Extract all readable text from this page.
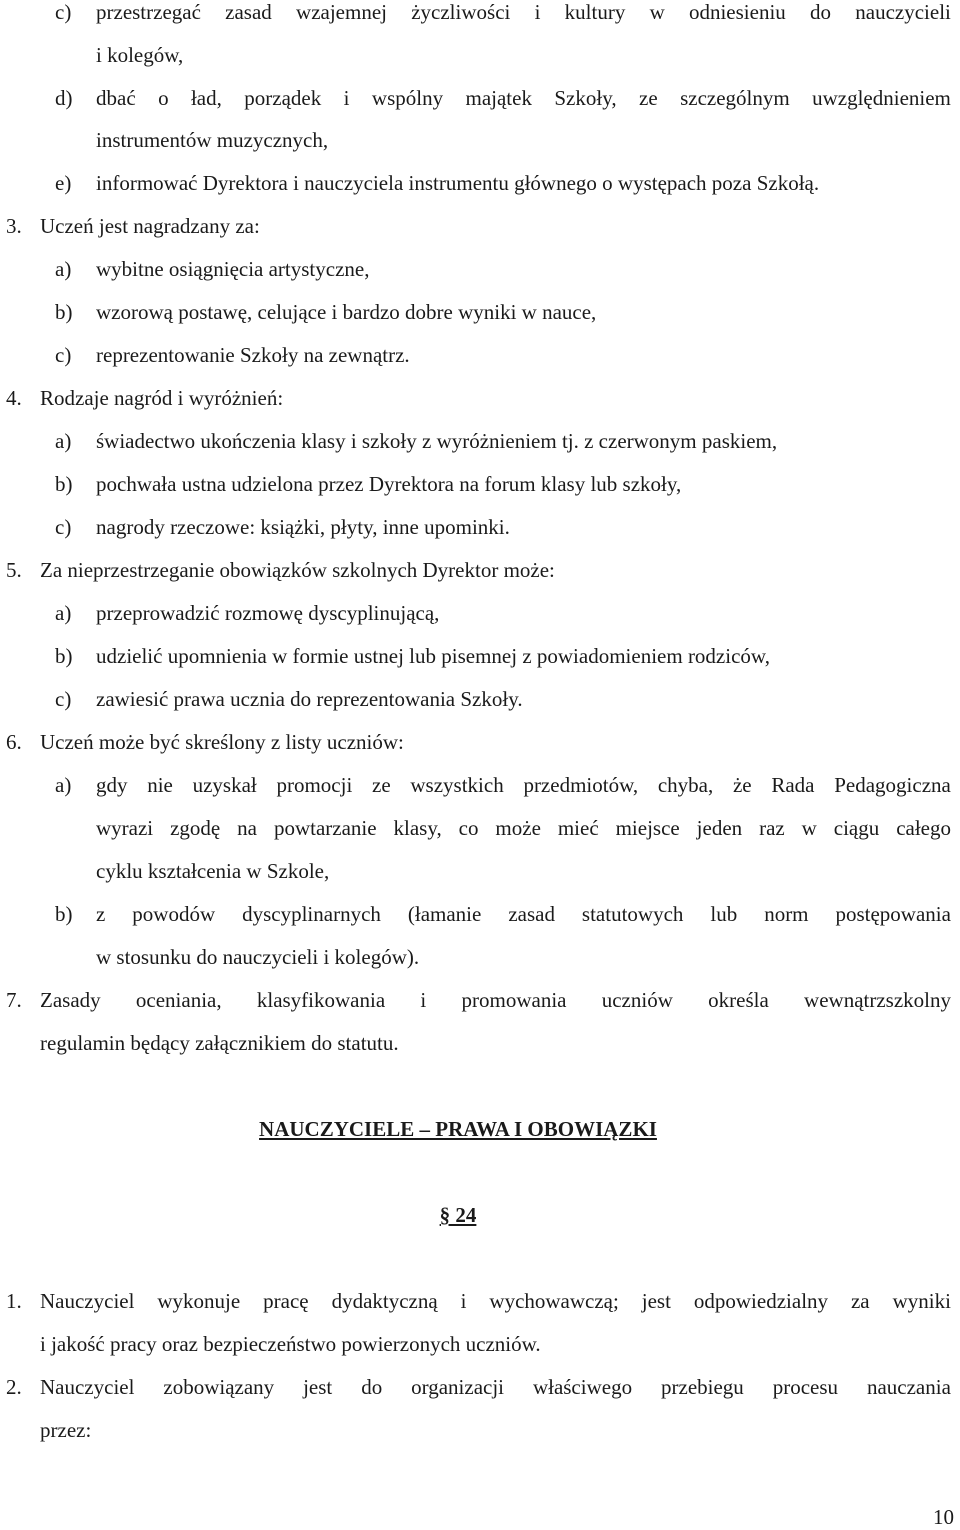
c) przestrzegać zasad wzajemnej życzliwości i kultury w odniesieniu do nauczycieli
i kolegów,
d) dbać o ład, porządek i wspólny majątek Szkoły, ze szczególnym uwzględnieniem
instrumentów muzycznych,
e) informować Dyrektora i nauczyciela instrumentu głównego o występach poza Szkołą.
3. Uczeń jest nagradzany za:
a) wybitne osiągnięcia artystyczne,
b) wzorową postawę, celujące i bardzo dobre wyniki w nauce,
c) reprezentowanie Szkoły na zewnątrz.
4. Rodzaje nagród i wyróżnień:
a) świadectwo ukończenia klasy i szkoły z wyróżnieniem tj. z czerwonym paskiem,
b) pochwała ustna udzielona przez Dyrektora na forum klasy lub szkoły,
c) nagrody rzeczowe: książki, płyty, inne upominki.
5. Za nieprzestrzeganie obowiązków szkolnych Dyrektor może:
a) przeprowadzić rozmowę dyscyplinującą,
b) udzielić upomnienia w formie ustnej lub pisemnej z powiadomieniem rodziców,
c) zawiesić prawa ucznia do reprezentowania Szkoły.
6. Uczeń może być skreślony z listy uczniów:
a) gdy nie uzyskał promocji ze wszystkich przedmiotów, chyba, że Rada Pedagogiczna
wyrazi zgodę na powtarzanie klasy, co może mieć miejsce jeden raz w ciągu całego
cyklu kształcenia w Szkole,
b) z powodów dyscyplinarnych (łamanie zasad statutowych lub norm postępowania
w stosunku do nauczycieli i kolegów).
7. Zasady oceniania, klasyfikowania i promowania uczniów określa wewnątrzszkolny
regulamin będący załącznikiem do statutu.
NAUCZYCIELE – PRAWA I OBOWIĄZKI
§ 24
1. Nauczyciel wykonuje pracę dydaktyczną i wychowawczą; jest odpowiedzialny za wyniki
i jakość pracy oraz bezpieczeństwo powierzonych uczniów.
2. Nauczyciel zobowiązany jest do organizacji właściwego przebiegu procesu nauczania
przez:
10
